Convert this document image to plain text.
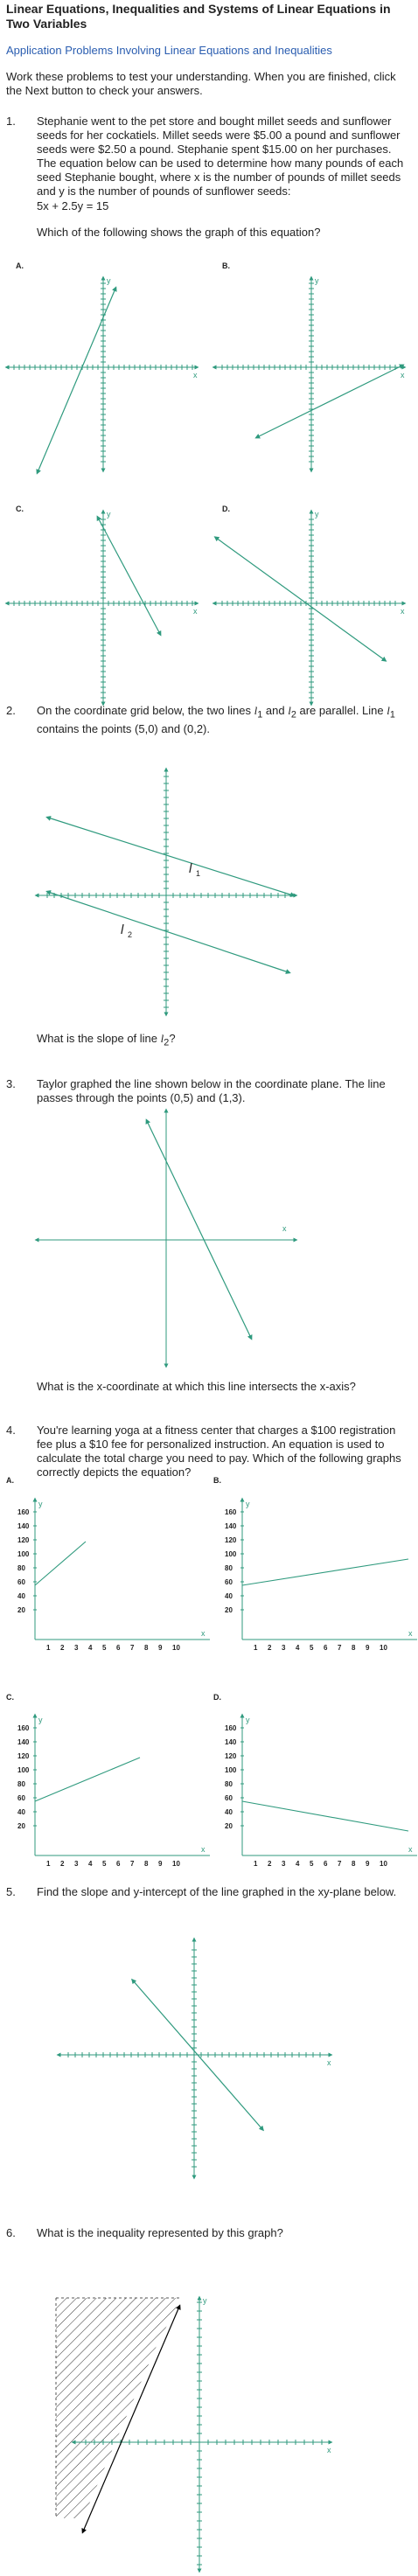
Linear Equations, Inequalities and Systems of Linear Equations in Two Variables
Application Problems Involving Linear Equations and Inequalities

Work these problems to test your understanding. When you are finished, click the Next button to check your answers.

1. Stephanie went to the pet store and bought millet seeds and sunflower seeds for her cockatiels. Millet seeds were $5.00 a pound and sunflower seeds were $2.50 a pound. Stephanie spent $15.00 on her purchases. The equation below can be used to determine how many pounds of each seed Stephanie bought, where x is the number of pounds of millet seeds and y is the number of pounds of sunflower seeds:

5x + 2.5y = 15

Which of the following shows the graph of this equation?

A.	B.
C.	D.
x
y
x
y
x
y
x
y
l 1
l 2
x
160
140
120
100
80
60
40
20
1 2 3 4 5 6 7 8 9 10
x
y
160
140
120
100
80
60
40
20
1 2 3 4 5 6 7 8 9 10
x
y
160
140
120
100
80
60
40
20
1 2 3 4 5 6 7 8 9 10
x
y
160
140
120
100
80
60
40
20
1 2 3 4 5 6 7 8 9 10
x
y
x
x
y
2. On the coordinate grid below, the two lines $l_1$ and $l_2$ are parallel. Line $l_1$ contains the points (5,0) and (0,2).

What is the slope of line $l_2$?

3. Taylor graphed the line shown below in the coordinate plane. The line passes through the points (0,5) and (1,3).

What is the x-coordinate at which this line intersects the x-axis?

4. You're learning yoga at a fitness center that charges a $100 registration fee plus a $10 fee for personalized instruction. An equation is used to calculate the total charge you need to pay. Which of the following graphs correctly depicts the equation?

5. Find the slope and y-intercept of the line graphed in the xy-plane below.

6. What is the inequality represented by this graph?

A.	B.
C.	D.
